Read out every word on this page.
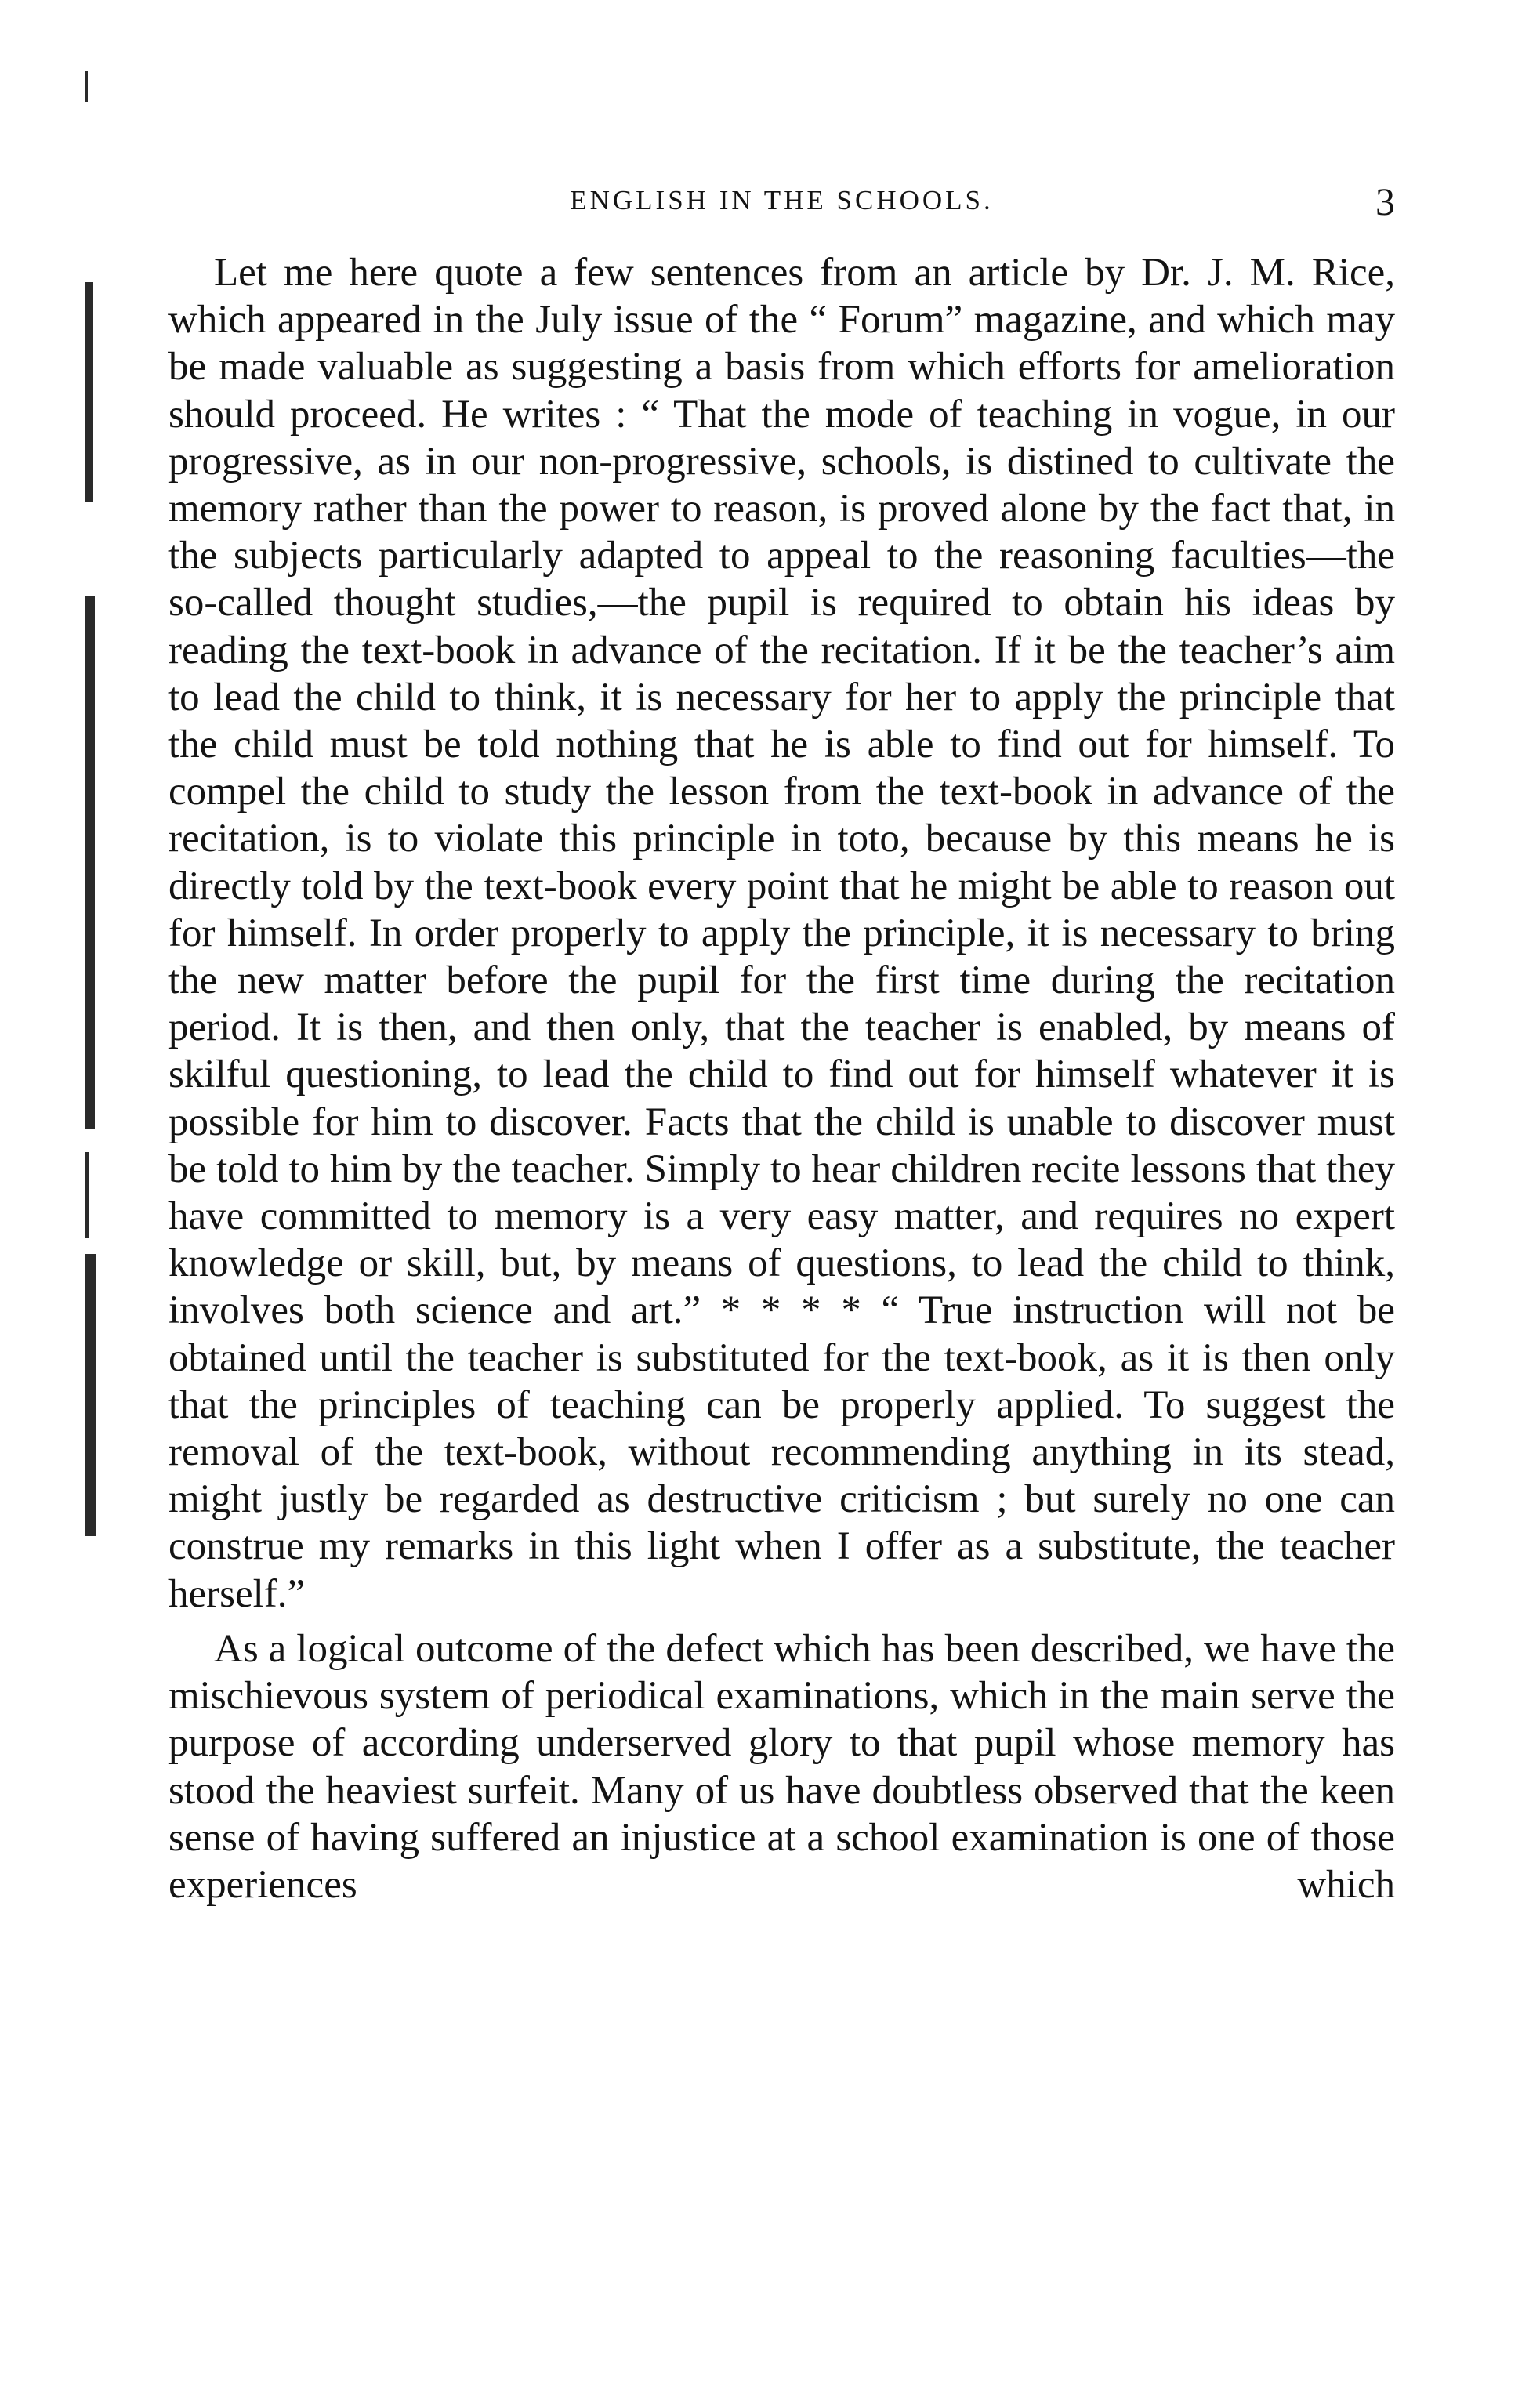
ENGLISH IN THE SCHOOLS.	3

Let me here quote a few sentences from an article by Dr. J. M. Rice, which appeared in the July issue of the “ Forum” magazine, and which may be made valuable as suggesting a basis from which efforts for amelioration should proceed. He writes : “ That the mode of teaching in vogue, in our progressive, as in our non-progressive, schools, is distined to cultivate the memory rather than the power to reason, is proved alone by the fact that, in the subjects particularly adapted to appeal to the reasoning faculties—the so-called thought studies,—the pupil is required to obtain his ideas by reading the text-book in advance of the recitation. If it be the teacher’s aim to lead the child to think, it is necessary for her to apply the principle that the child must be told nothing that he is able to find out for himself. To compel the child to study the lesson from the text-book in advance of the recitation, is to violate this principle in toto, because by this means he is directly told by the text-book every point that he might be able to reason out for himself. In order properly to apply the principle, it is necessary to bring the new matter before the pupil for the first time during the recitation period. It is then, and then only, that the teacher is enabled, by means of skilful questioning, to lead the child to find out for himself whatever it is possible for him to discover. Facts that the child is unable to discover must be told to him by the teacher. Simply to hear children recite lessons that they have committed to memory is a very easy matter, and requires no expert knowledge or skill, but, by means of questions, to lead the child to think, involves both science and art.” * * * * “ True instruction will not be obtained until the teacher is substituted for the text-book, as it is then only that the principles of teaching can be properly applied. To suggest the removal of the text-book, without recommending anything in its stead, might justly be regarded as destructive criticism ; but surely no one can construe my remarks in this light when I offer as a substitute, the teacher herself.”

As a logical outcome of the defect which has been described, we have the mischievous system of periodical examinations, which in the main serve the purpose of according underserved glory to that pupil whose memory has stood the heaviest surfeit. Many of us have doubtless observed that the keen sense of having suffered an injustice at a school examination is one of those experiences which
